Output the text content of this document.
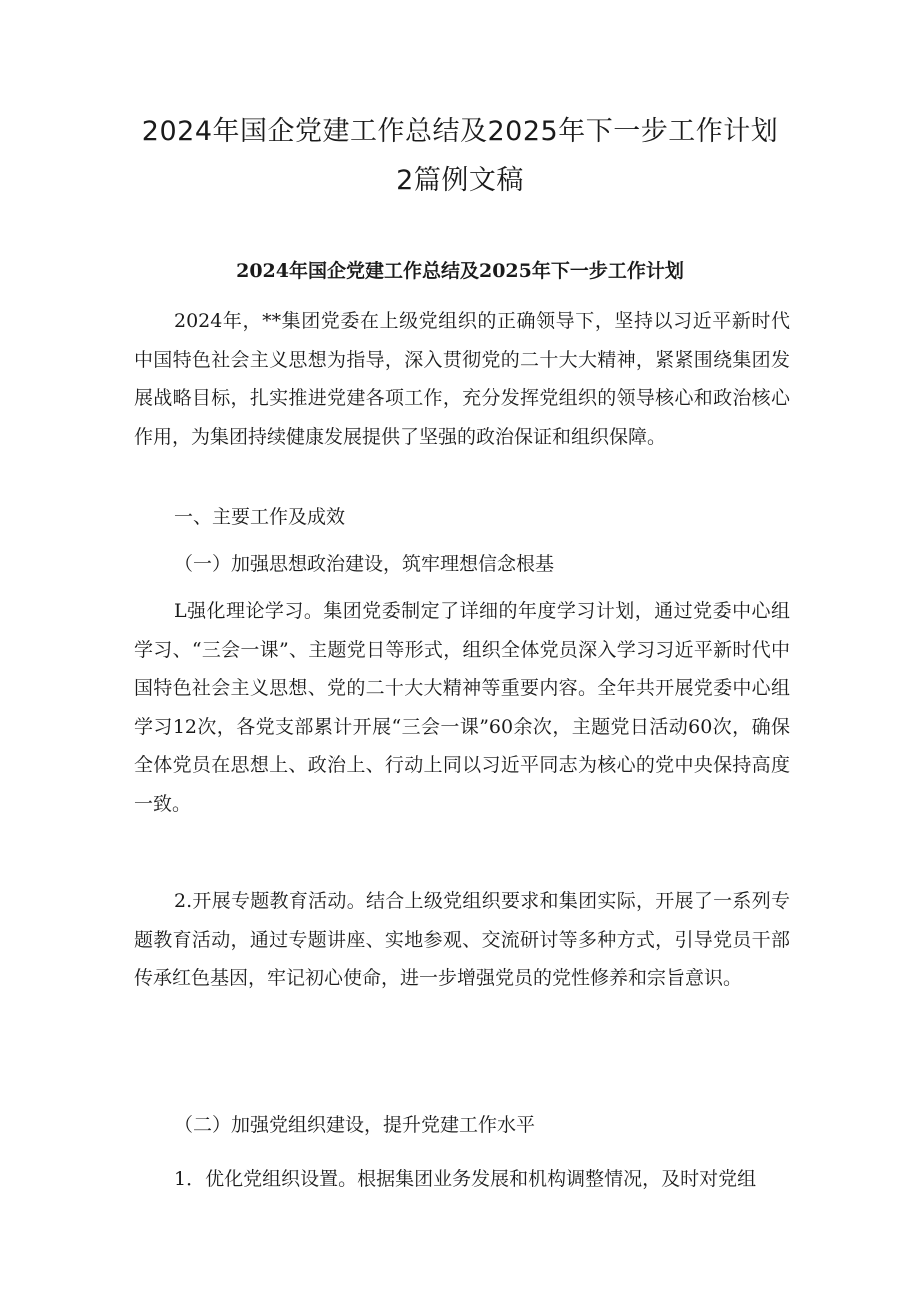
2024年国企党建工作总结及2025年下一步工作计划
2篇例文稿
2024年国企党建工作总结及2025年下一步工作计划

2024年，**集团党委在上级党组织的正确领导下，坚持以习近平新时代中国特色社会主义思想为指导，深入贯彻党的二十大大精神，紧紧围绕集团发展战略目标，扎实推进党建各项工作，充分发挥党组织的领导核心和政治核心作用，为集团持续健康发展提供了坚强的政治保证和组织保障。

一、主要工作及成效

（一）加强思想政治建设，筑牢理想信念根基

L强化理论学习。集团党委制定了详细的年度学习计划，通过党委中心组学习、“三会一课”、主题党日等形式，组织全体党员深入学习习近平新时代中国特色社会主义思想、党的二十大大精神等重要内容。全年共开展党委中心组学习12次，各党支部累计开展“三会一课”60余次，主题党日活动60次，确保全体党员在思想上、政治上、行动上同以习近平同志为核心的党中央保持高度一致。

2.开展专题教育活动。结合上级党组织要求和集团实际，开展了一系列专题教育活动，通过专题讲座、实地参观、交流研讨等多种方式，引导党员干部传承红色基因，牢记初心使命，进一步增强党员的党性修养和宗旨意识。

（二）加强党组织建设，提升党建工作水平

1．优化党组织设置。根据集团业务发展和机构调整情况，及时对党组
